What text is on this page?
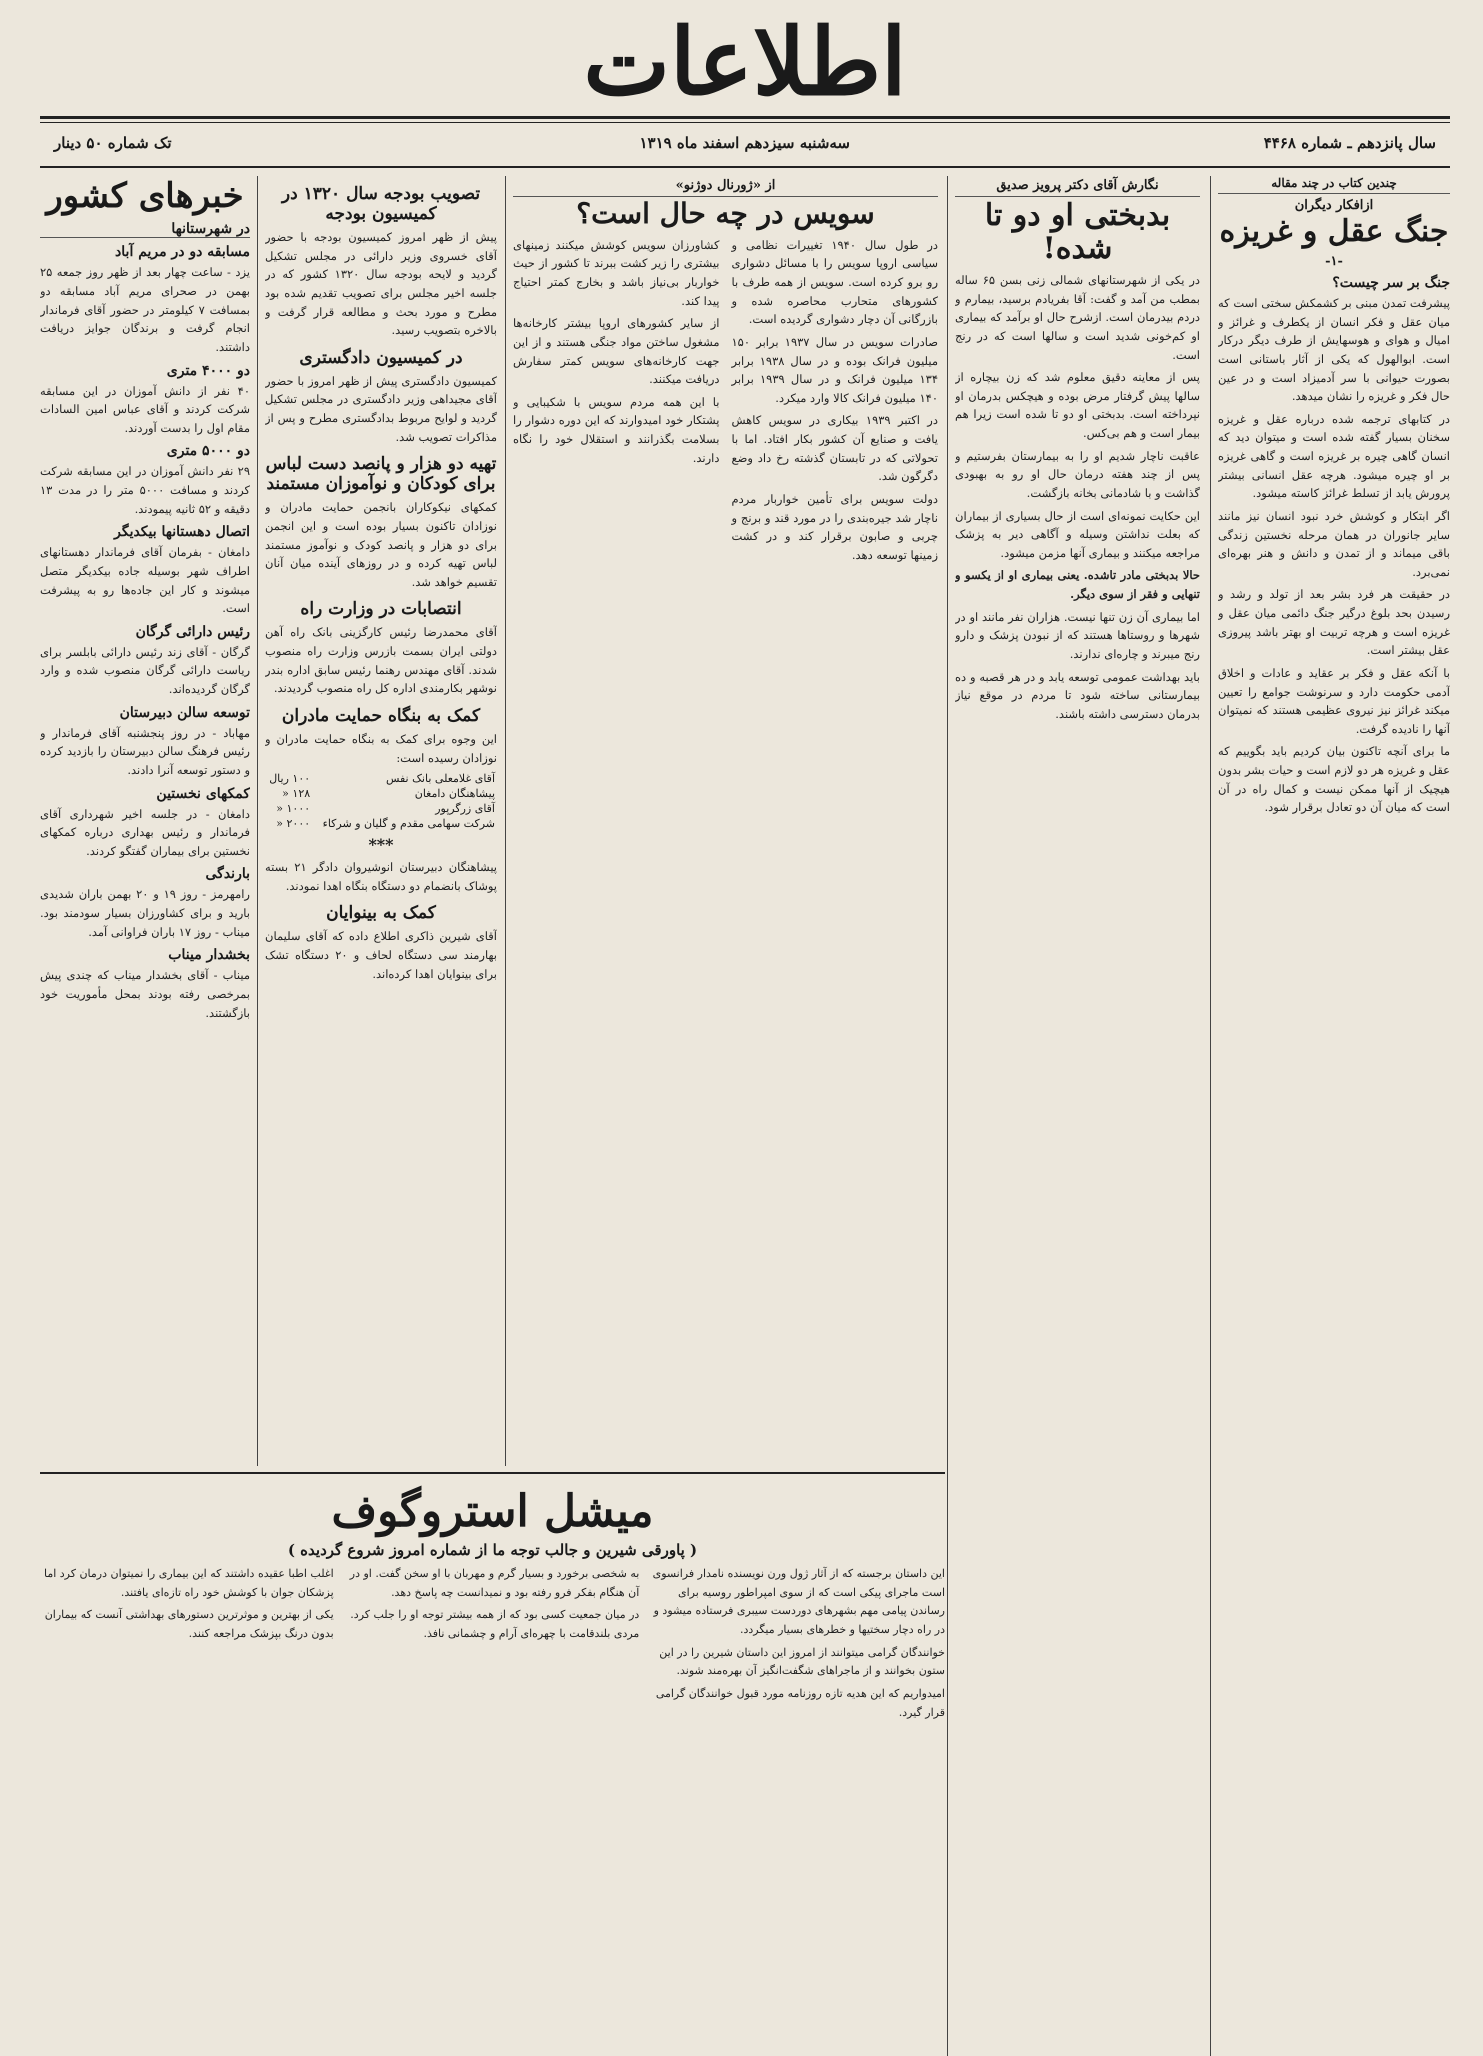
اطلاعات
سال پانزدهم ـ شماره ۴۴۶۸
سه‌شنبه سیزدهم اسفند ماه ۱۳۱۹
تک شماره ۵۰ دینار
چندین کتاب در چند مقاله
ازافکار دیگران
جنگ عقل و غریزه
-۱-
جنگ بر سر چیست؟

پیشرفت تمدن مبنی بر کشمکش سختی است که میان عقل و فکر انسان از یکطرف و غرائز و امیال و هوای و هوسهایش از طرف دیگر درکار است. ابوالهول که یکی از آثار باستانی است بصورت حیوانی با سر آدمیزاد است و در عین حال فکر و غریزه را نشان میدهد.

در کتابهای ترجمه شده درباره عقل و غریزه سخنان بسیار گفته شده است و میتوان دید که انسان گاهی چیره بر غریزه است و گاهی غریزه بر او چیره میشود. هرچه عقل انسانی بیشتر پرورش یابد از تسلط غرائز کاسته میشود.

اگر ابتکار و کوشش خرد نبود انسان نیز مانند سایر جانوران در همان مرحله نخستین زندگی باقی میماند و از تمدن و دانش و هنر بهره‌ای نمی‌برد.

در حقیقت هر فرد بشر بعد از تولد و رشد و رسیدن بحد بلوغ درگیر جنگ دائمی میان عقل و غریزه است و هرچه تربیت او بهتر باشد پیروزی عقل بیشتر است.

با آنکه عقل و فکر بر عقاید و عادات و اخلاق آدمی حکومت دارد و سرنوشت جوامع را تعیین میکند غرائز نیز نیروی عظیمی هستند که نمیتوان آنها را نادیده گرفت.

ما برای آنچه تاکنون بیان کردیم باید بگوییم که عقل و غریزه هر دو لازم است و حیات بشر بدون هیچیک از آنها ممکن نیست و کمال راه در آن است که میان آن دو تعادل برقرار شود.

نگارش آقای دکتر پرویز صدیق
بدبختی او دو تا شده!

در یکی از شهرستانهای شمالی زنی بسن ۶۵ ساله بمطب من آمد و گفت: آقا بفریادم برسید، بیمارم و دردم بیدرمان است. ازشرح حال او برآمد که بیماری او کم‌خونی شدید است و سالها است که در رنج است.

پس از معاینه دقیق معلوم شد که زن بیچاره از سالها پیش گرفتار مرض بوده و هیچکس بدرمان او نپرداخته است. بدبختی او دو تا شده است زیرا هم بیمار است و هم بی‌کس.

عاقبت ناچار شدیم او را به بیمارستان بفرستیم و پس از چند هفته درمان حال او رو به بهبودی گذاشت و با شادمانی بخانه بازگشت.

این حکایت نمونه‌ای است از حال بسیاری از بیماران که بعلت نداشتن وسیله و آگاهی دیر به پزشک مراجعه میکنند و بیماری آنها مزمن میشود.

حالا بدبختی مادر تاشده. یعنی بیماری او از یکسو و تنهایی و فقر از سوی دیگر.

اما بیماری آن زن تنها نیست. هزاران نفر مانند او در شهرها و روستاها هستند که از نبودن پزشک و دارو رنج میبرند و چاره‌ای ندارند.

باید بهداشت عمومی توسعه یابد و در هر قصبه و ده بیمارستانی ساخته شود تا مردم در موقع نیاز بدرمان دسترسی داشته باشند.

از «ژورنال دوژنو»
سویس در چه حال است؟

در طول سال ۱۹۴۰ تغییرات نظامی و سیاسی اروپا سویس را با مسائل دشواری رو برو کرده است. سویس از همه طرف با کشورهای متحارب محاصره شده و بازرگانی آن دچار دشواری گردیده است.

صادرات سویس در سال ۱۹۳۷ برابر ۱۵۰ میلیون فرانک بوده و در سال ۱۹۳۸ برابر ۱۳۴ میلیون فرانک و در سال ۱۹۳۹ برابر ۱۴۰ میلیون فرانک کالا وارد میکرد.

در اکتبر ۱۹۳۹ بیکاری در سویس کاهش یافت و صنایع آن کشور بکار افتاد. اما با تحولاتی که در تابستان گذشته رخ داد وضع دگرگون شد.

دولت سویس برای تأمین خواربار مردم ناچار شد جیره‌بندی را در مورد قند و برنج و چربی و صابون برقرار کند و در کشت زمینها توسعه دهد.

کشاورزان سویس کوشش میکنند زمینهای بیشتری را زیر کشت ببرند تا کشور از حیث خواربار بی‌نیاز باشد و بخارج کمتر احتیاج پیدا کند.

از سایر کشورهای اروپا بیشتر کارخانه‌ها مشغول ساختن مواد جنگی هستند و از این جهت کارخانه‌های سویس کمتر سفارش دریافت میکنند.

با این همه مردم سویس با شکیبایی و پشتکار خود امیدوارند که این دوره دشوار را بسلامت بگذرانند و استقلال خود را نگاه دارند.

تصویب بودجه سال ۱۳۲۰ در کمیسیون بودجه

پیش از ظهر امروز کمیسیون بودجه با حضور آقای خسروی وزیر دارائی در مجلس تشکیل گردید و لایحه بودجه سال ۱۳۲۰ کشور که در جلسه اخیر مجلس برای تصویب تقدیم شده بود مطرح و مورد بحث و مطالعه قرار گرفت و بالاخره بتصویب رسید.

در کمیسیون دادگستری

کمیسیون دادگستری پیش از ظهر امروز با حضور آقای مجیداهی وزیر دادگستری در مجلس تشکیل گردید و لوایح مربوط بدادگستری مطرح و پس از مذاکرات تصویب شد.

تهیه دو هزار و پانصد دست لباس برای کودکان و نوآموزان مستمند

کمکهای نیکوکاران بانجمن حمایت مادران و نوزادان تاکنون بسیار بوده است و این انجمن برای دو هزار و پانصد کودک و نوآموز مستمند لباس تهیه کرده و در روزهای آینده میان آنان تقسیم خواهد شد.

انتصابات در وزارت راه

آقای محمدرضا رئیس کارگزینی بانک راه آهن دولتی ایران بسمت بازرس وزارت راه منصوب شدند. آقای مهندس رهنما رئیس سابق اداره بندر نوشهر بکارمندی اداره کل راه منصوب گردیدند.

کمک به بنگاه حمایت مادران

این وجوه برای کمک به بنگاه حمایت مادران و نوزادان رسیده است:

آقای غلامعلی بانک نفس	۱۰۰ ریال
پیشاهنگان دامغان	۱۲۸ «
آقای زرگرپور	۱۰۰۰ «
شرکت سهامی مقدم و گلیان و شرکاء	۲۰۰۰ «
***

پیشاهنگان دبیرستان انوشیروان دادگر ۲۱ بسته پوشاک بانضمام دو دستگاه بنگاه اهدا نمودند.

کمک به بینوایان

آقای شیرین ذاکری اطلاع داده که آقای سلیمان بهارمند سی دستگاه لحاف و ۲۰ دستگاه تشک برای بینوایان اهدا کرده‌اند.

خبرهای کشور
در شهرستانها
مسابقه دو در مریم آباد

یزد - ساعت چهار بعد از ظهر روز جمعه ۲۵ بهمن در صحرای مریم آباد مسابقه دو بمسافت ۷ کیلومتر در حضور آقای فرماندار انجام گرفت و برندگان جوایز دریافت داشتند.

دو ۴۰۰۰ متری

۴۰ نفر از دانش آموزان در این مسابقه شرکت کردند و آقای عباس امین السادات مقام اول را بدست آوردند.

دو ۵۰۰۰ متری

۲۹ نفر دانش آموزان در این مسابقه شرکت کردند و مسافت ۵۰۰۰ متر را در مدت ۱۳ دقیقه و ۵۲ ثانیه پیمودند.

اتصال دهستانها بیکدیگر

دامغان - بفرمان آقای فرماندار دهستانهای اطراف شهر بوسیله جاده بیکدیگر متصل میشوند و کار این جاده‌ها رو به پیشرفت است.

رئیس دارائی گرگان

گرگان - آقای زند رئیس دارائی بابلسر برای ریاست دارائی گرگان منصوب شده و وارد گرگان گردیده‌اند.

توسعه سالن دبیرستان

مهاباد - در روز پنجشنبه آقای فرماندار و رئیس فرهنگ سالن دبیرستان را بازدید کرده و دستور توسعه آنرا دادند.

کمکهای نخستین

دامغان - در جلسه اخیر شهرداری آقای فرماندار و رئیس بهداری درباره کمکهای نخستین برای بیماران گفتگو کردند.

بارندگی

رامهرمز - روز ۱۹ و ۲۰ بهمن باران شدیدی بارید و برای کشاورزان بسیار سودمند بود. میناب - روز ۱۷ باران فراوانی آمد.

بخشدار میناب

میناب - آقای بخشدار میناب که چندی پیش بمرخصی رفته بودند بمحل مأموریت خود بازگشتند.

میشل استروگوف
( پاورقی شیرین و جالب توجه ما از شماره امروز شروع گردیده )

این داستان برجسته که از آثار ژول ورن نویسنده نامدار فرانسوی است ماجرای پیکی است که از سوی امپراطور روسیه برای رساندن پیامی مهم بشهرهای دوردست سیبری فرستاده میشود و در راه دچار سختیها و خطرهای بسیار میگردد.

خوانندگان گرامی میتوانند از امروز این داستان شیرین را در این ستون بخوانند و از ماجراهای شگفت‌انگیز آن بهره‌مند شوند.

امیدواریم که این هدیه تازه روزنامه مورد قبول خوانندگان گرامی قرار گیرد.

به شخصی برخورد و بسیار گرم و مهربان با او سخن گفت. او در آن هنگام بفکر فرو رفته بود و نمیدانست چه پاسخ دهد.

در میان جمعیت کسی بود که از همه بیشتر توجه او را جلب کرد. مردی بلندقامت با چهره‌ای آرام و چشمانی نافذ.

اغلب اطبا عقیده داشتند که این بیماری را نمیتوان درمان کرد اما پزشکان جوان با کوشش خود راه تازه‌ای یافتند.

یکی از بهترین و موثرترین دستورهای بهداشتی آنست که بیماران بدون درنگ بپزشک مراجعه کنند.
